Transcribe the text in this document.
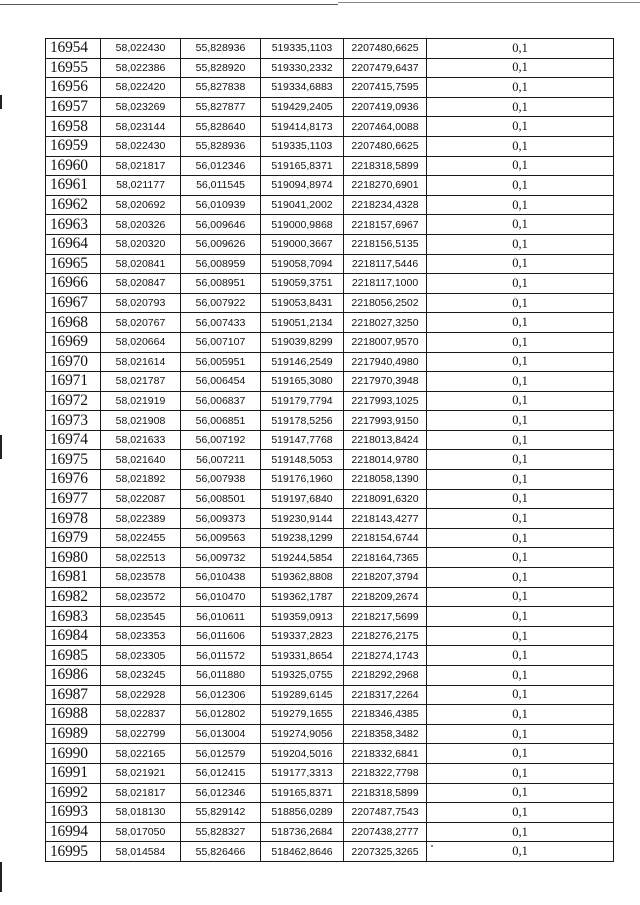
16954	58,022430	55,828936	519335,1103	2207480,6625	0,1
16955	58,022386	55,828920	519330,2332	2207479,6437	0,1
16956	58,022420	55,827838	519334,6883	2207415,7595	0,1
16957	58,023269	55,827877	519429,2405	2207419,0936	0,1
16958	58,023144	55,828640	519414,8173	2207464,0088	0,1
16959	58,022430	55,828936	519335,1103	2207480,6625	0,1
16960	58,021817	56,012346	519165,8371	2218318,5899	0,1
16961	58,021177	56,011545	519094,8974	2218270,6901	0,1
16962	58,020692	56,010939	519041,2002	2218234,4328	0,1
16963	58,020326	56,009646	519000,9868	2218157,6967	0,1
16964	58,020320	56,009626	519000,3667	2218156,5135	0,1
16965	58,020841	56,008959	519058,7094	2218117,5446	0,1
16966	58,020847	56,008951	519059,3751	2218117,1000	0,1
16967	58,020793	56,007922	519053,8431	2218056,2502	0,1
16968	58,020767	56,007433	519051,2134	2218027,3250	0,1
16969	58,020664	56,007107	519039,8299	2218007,9570	0,1
16970	58,021614	56,005951	519146,2549	2217940,4980	0,1
16971	58,021787	56,006454	519165,3080	2217970,3948	0,1
16972	58,021919	56,006837	519179,7794	2217993,1025	0,1
16973	58,021908	56,006851	519178,5256	2217993,9150	0,1
16974	58,021633	56,007192	519147,7768	2218013,8424	0,1
16975	58,021640	56,007211	519148,5053	2218014,9780	0,1
16976	58,021892	56,007938	519176,1960	2218058,1390	0,1
16977	58,022087	56,008501	519197,6840	2218091,6320	0,1
16978	58,022389	56,009373	519230,9144	2218143,4277	0,1
16979	58,022455	56,009563	519238,1299	2218154,6744	0,1
16980	58,022513	56,009732	519244,5854	2218164,7365	0,1
16981	58,023578	56,010438	519362,8808	2218207,3794	0,1
16982	58,023572	56,010470	519362,1787	2218209,2674	0,1
16983	58,023545	56,010611	519359,0913	2218217,5699	0,1
16984	58,023353	56,011606	519337,2823	2218276,2175	0,1
16985	58,023305	56,011572	519331,8654	2218274,1743	0,1
16986	58,023245	56,011880	519325,0755	2218292,2968	0,1
16987	58,022928	56,012306	519289,6145	2218317,2264	0,1
16988	58,022837	56,012802	519279,1655	2218346,4385	0,1
16989	58,022799	56,013004	519274,9056	2218358,3482	0,1
16990	58,022165	56,012579	519204,5016	2218332,6841	0,1
16991	58,021921	56,012415	519177,3313	2218322,7798	0,1
16992	58,021817	56,012346	519165,8371	2218318,5899	0,1
16993	58,018130	55,829142	518856,0289	2207487,7543	0,1
16994	58,017050	55,828327	518736,2684	2207438,2777	0,1
16995	58,014584	55,826466	518462,8646	2207325,3265	0,1
